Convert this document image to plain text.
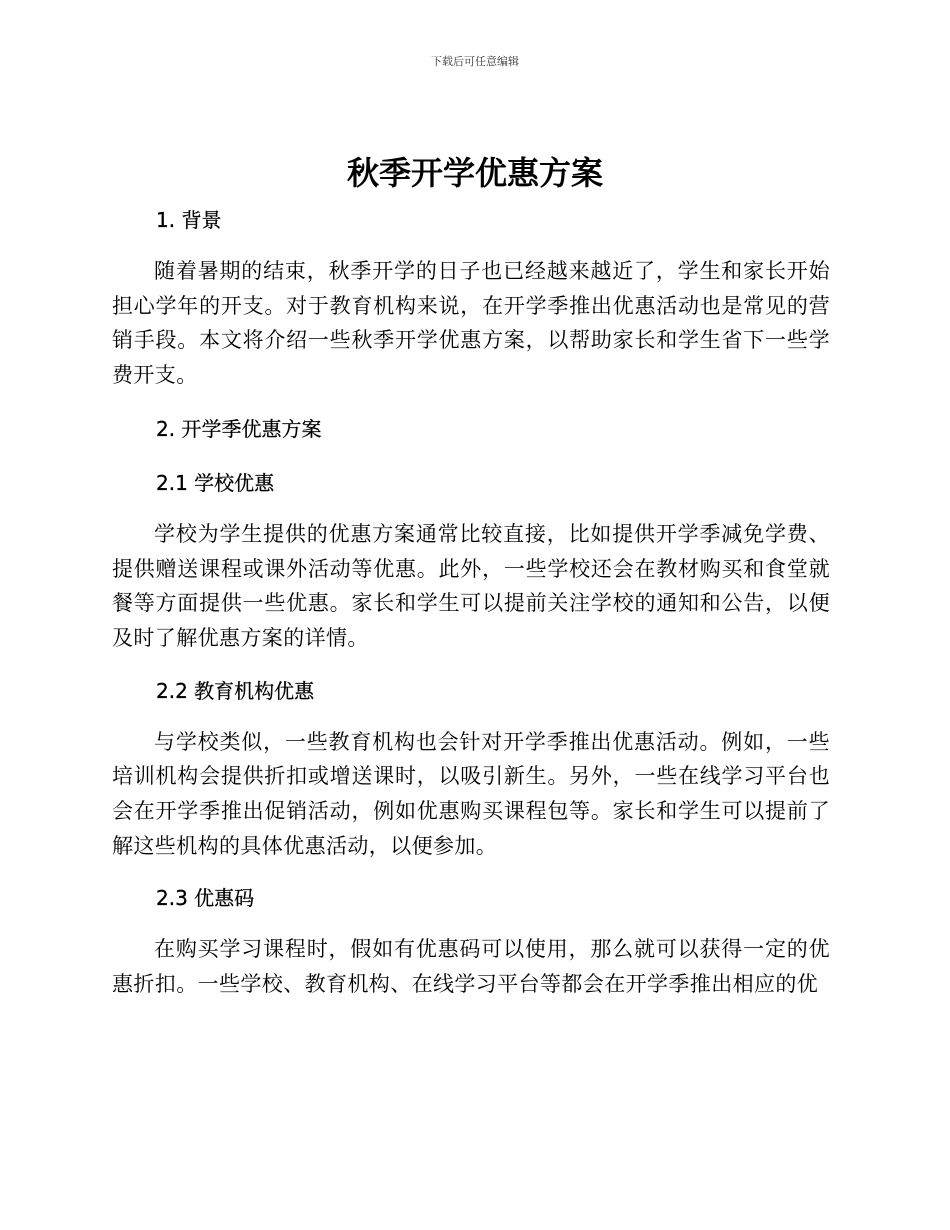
下载后可任意编辑
秋季开学优惠方案
1. 背景

随着暑期的结束，秋季开学的日子也已经越来越近了，学生和家长开始担心学年的开支。对于教育机构来说，在开学季推出优惠活动也是常见的营销手段。本文将介绍一些秋季开学优惠方案，以帮助家长和学生省下一些学费开支。

2. 开学季优惠方案
2.1 学校优惠

学校为学生提供的优惠方案通常比较直接，比如提供开学季减免学费、提供赠送课程或课外活动等优惠。此外，一些学校还会在教材购买和食堂就餐等方面提供一些优惠。家长和学生可以提前关注学校的通知和公告，以便及时了解优惠方案的详情。

2.2 教育机构优惠

与学校类似，一些教育机构也会针对开学季推出优惠活动。例如，一些培训机构会提供折扣或增送课时，以吸引新生。另外，一些在线学习平台也会在开学季推出促销活动，例如优惠购买课程包等。家长和学生可以提前了解这些机构的具体优惠活动，以便参加。

2.3 优惠码

在购买学习课程时，假如有优惠码可以使用，那么就可以获得一定的优惠折扣。一些学校、教育机构、在线学习平台等都会在开学季推出相应的优
